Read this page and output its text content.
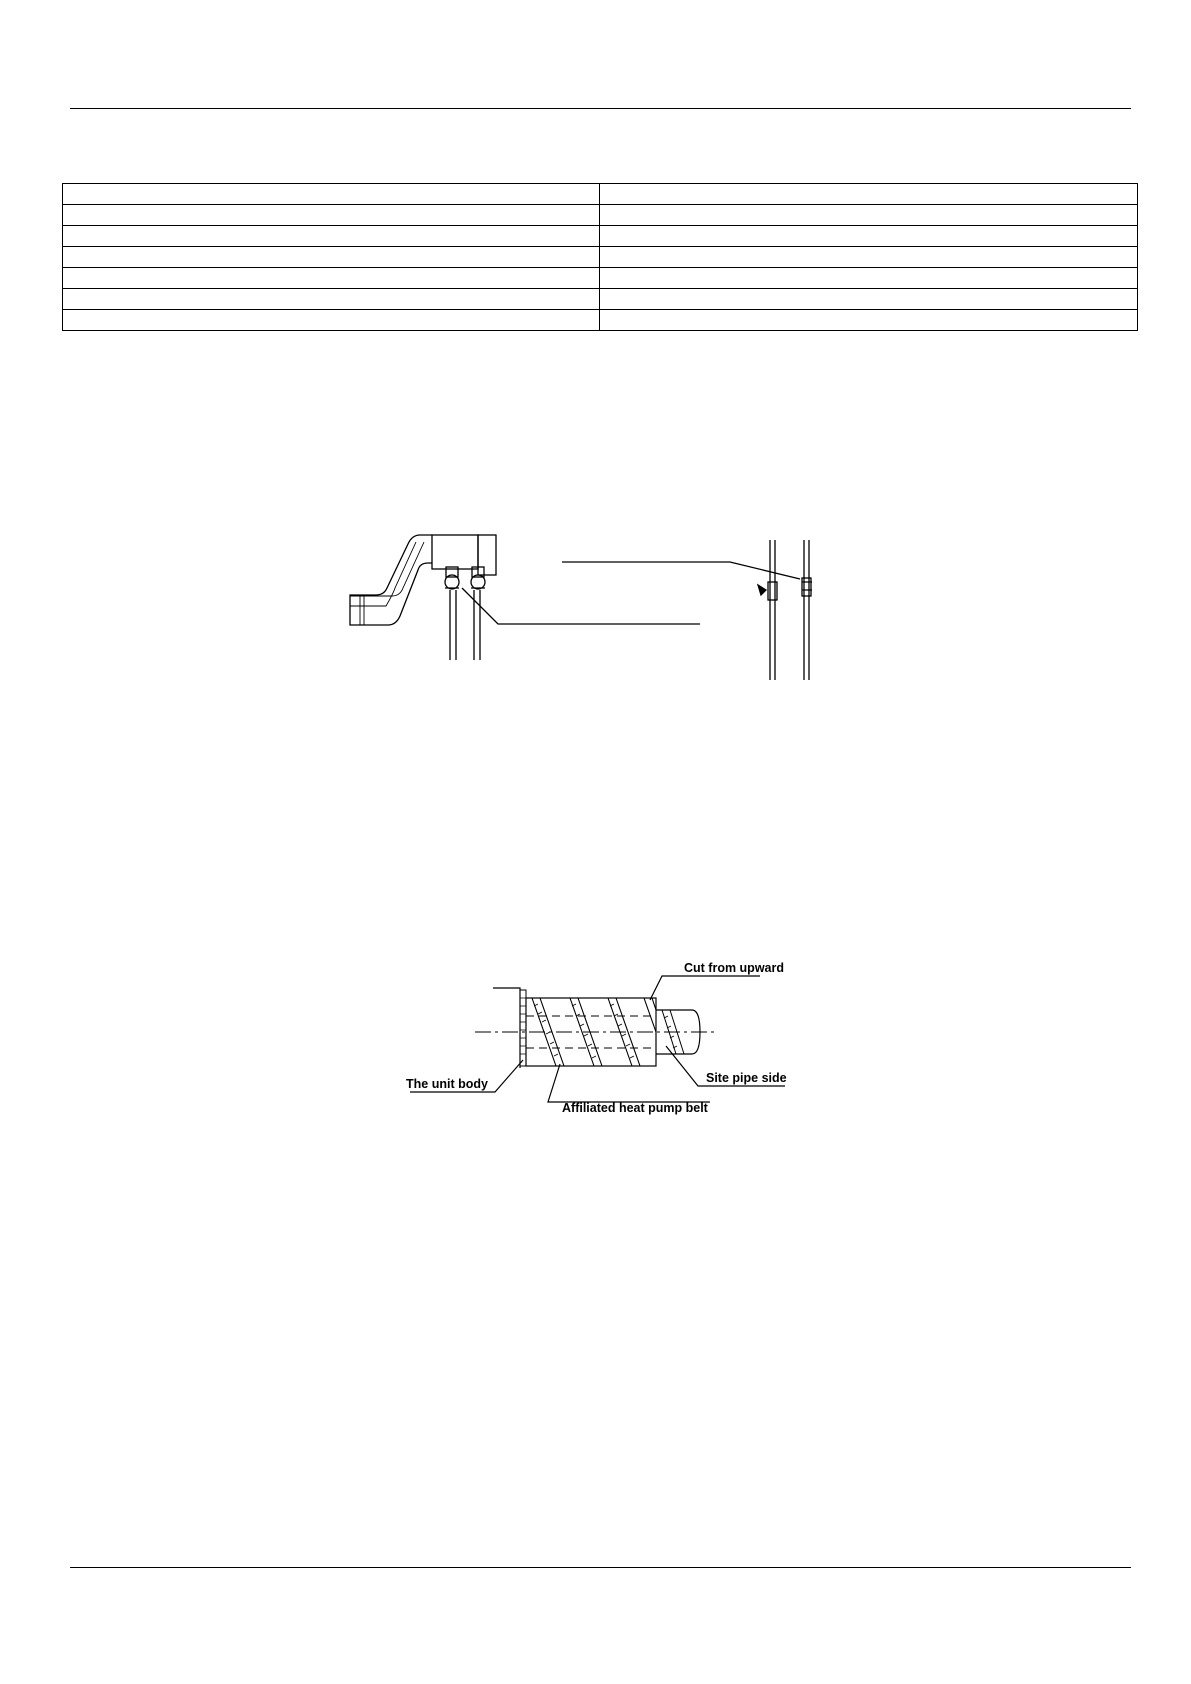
Cut from upward
Site pipe side
The unit body
Affiliated heat pump belt
